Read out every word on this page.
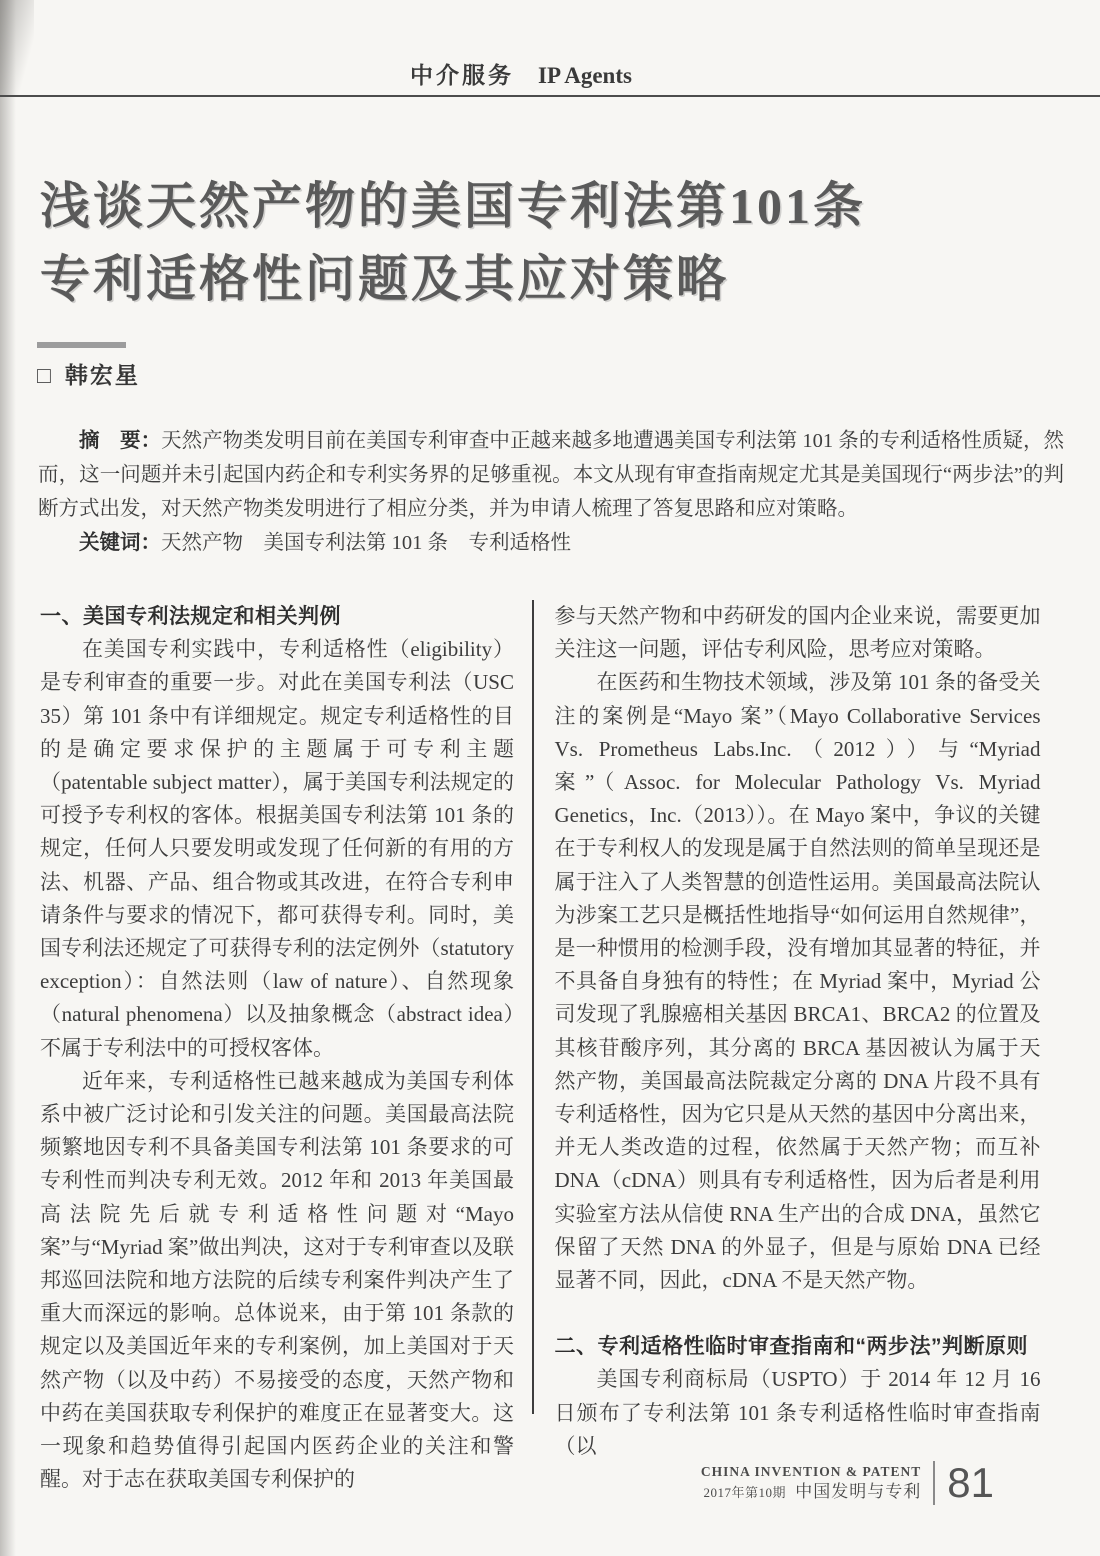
中介服务 IP Agents
浅谈天然产物的美国专利法第101条
专利适格性问题及其应对策略
□ 韩宏星

摘　要：天然产物类发明目前在美国专利审查中正越来越多地遭遇美国专利法第 101 条的专利适格性质疑，然而，这一问题并未引起国内药企和专利实务界的足够重视。本文从现有审查指南规定尤其是美国现行“两步法”的判断方式出发，对天然产物类发明进行了相应分类，并为申请人梳理了答复思路和应对策略。

关键词：天然产物　美国专利法第 101 条　专利适格性

一、美国专利法规定和相关判例

在美国专利实践中，专利适格性（eligibility）是专利审查的重要一步。对此在美国专利法（USC 35）第 101 条中有详细规定。规定专利适格性的目的是确定要求保护的主题属于可专利主题（patentable subject matter），属于美国专利法规定的可授予专利权的客体。根据美国专利法第 101 条的规定，任何人只要发明或发现了任何新的有用的方法、机器、产品、组合物或其改进，在符合专利申请条件与要求的情况下，都可获得专利。同时，美国专利法还规定了可获得专利的法定例外（statutory exception）：自然法则（law of nature）、自然现象（natural phenomena）以及抽象概念（abstract idea）不属于专利法中的可授权客体。

近年来，专利适格性已越来越成为美国专利体系中被广泛讨论和引发关注的问题。美国最高法院频繁地因专利不具备美国专利法第 101 条要求的可专利性而判决专利无效。2012 年和 2013 年美国最高法院先后就专利适格性问题对“Mayo 案”与“Myriad 案”做出判决，这对于专利审查以及联邦巡回法院和地方法院的后续专利案件判决产生了重大而深远的影响。总体说来，由于第 101 条款的规定以及美国近年来的专利案例，加上美国对于天然产物（以及中药）不易接受的态度，天然产物和中药在美国获取专利保护的难度正在显著变大。这一现象和趋势值得引起国内医药企业的关注和警醒。对于志在获取美国专利保护的

参与天然产物和中药研发的国内企业来说，需要更加关注这一问题，评估专利风险，思考应对策略。

在医药和生物技术领域，涉及第 101 条的备受关注的案例是“Mayo 案”（Mayo Collaborative Services Vs. Prometheus Labs.Inc.（2012））与“Myriad 案”（Assoc. for Molecular Pathology Vs. Myriad Genetics，Inc.（2013））。在 Mayo 案中，争议的关键在于专利权人的发现是属于自然法则的简单呈现还是属于注入了人类智慧的创造性运用。美国最高法院认为涉案工艺只是概括性地指导“如何运用自然规律”，是一种惯用的检测手段，没有增加其显著的特征，并不具备自身独有的特性；在 Myriad 案中，Myriad 公司发现了乳腺癌相关基因 BRCA1、BRCA2 的位置及其核苷酸序列，其分离的 BRCA 基因被认为属于天然产物，美国最高法院裁定分离的 DNA 片段不具有专利适格性，因为它只是从天然的基因中分离出来，并无人类改造的过程，依然属于天然产物；而互补 DNA（cDNA）则具有专利适格性，因为后者是利用实验室方法从信使 RNA 生产出的合成 DNA，虽然它保留了天然 DNA 的外显子，但是与原始 DNA 已经显著不同，因此，cDNA 不是天然产物。

二、专利适格性临时审查指南和“两步法”判断原则

美国专利商标局（USPTO）于 2014 年 12 月 16 日颁布了专利法第 101 条专利适格性临时审查指南（以

CHINA INVENTION & PATENT
2017年第10期 中国发明与专利 81
